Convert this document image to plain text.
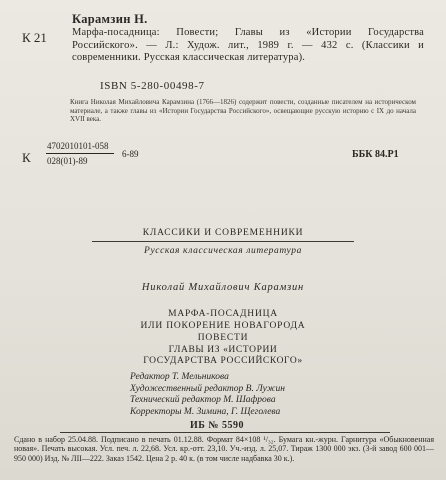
К 21
Карамзин Н.
Марфа-посадница: Повести; Главы из «Истории Государства Российского». — Л.: Худож. лит., 1989 г. — 432 с. (Классики и современники. Русская классическая литература).
ISBN 5-280-00498-7
Книга Николая Михайловича Карамзина (1766—1826) содержит повести, созданные писателем на историческом материале, а также главы из «Истории Государства Российского», освещающие русскую историю с IX до начала XVII века.
К
4702010101-058
028(01)-89
6-89	ББК 84.Р1
КЛАССИКИ И СОВРЕМЕННИКИ
Русская классическая литература
Николай Михайлович Карамзин
МАРФА-ПОСАДНИЦА
ИЛИ ПОКОРЕНИЕ НОВАГОРОДА
ПОВЕСТИ
ГЛАВЫ ИЗ «ИСТОРИИ
ГОСУДАРСТВА РОССИЙСКОГО»
Редактор Т. Мельникова
Художественный редактор В. Лужин
Технический редактор М. Шафрова
Корректоры М. Зимина, Г. Щеголева
ИБ № 5590
Сдано в набор 25.04.88. Подписано в печать 01.12.88. Формат 84×108 ¹/₃₂. Бумага кн.-журн. Гарнитура «Обыкновенная новая». Печать высокая. Усл. печ. л. 22,68. Усл. кр.-отт. 23,10. Уч.-изд. л. 25,07. Тираж 1300 000 экз. (3-й завод 600 001—950 000) Изд. № ЛII—222. Заказ 1542. Цена 2 р. 40 к. (в том числе надбавка 30 к.).
